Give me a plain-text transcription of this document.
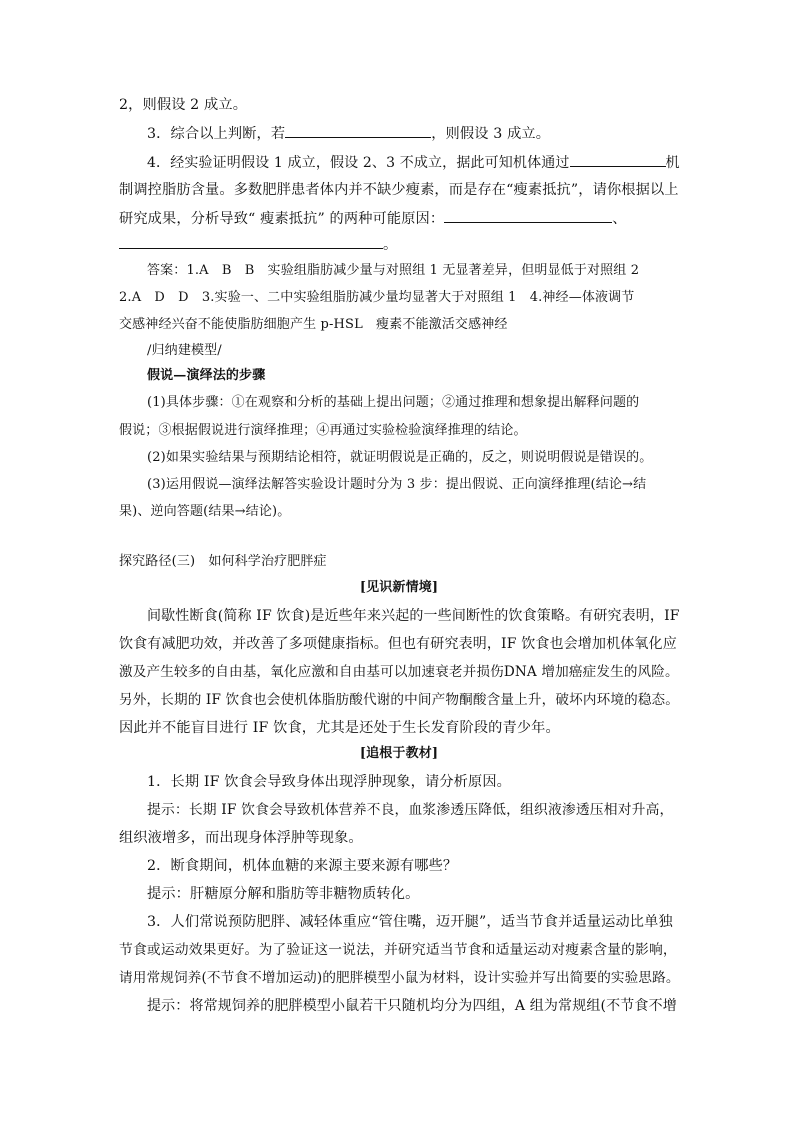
2，则假设 2 成立。
3．综合以上判断，若	，则假设 3 成立。
4．经实验证明假设 1 成立，假设 2、3 不成立，据此可知机体通过	机
制调控脂肪含量。多数肥胖患者体内并不缺少瘦素，而是存在“瘦素抵抗”，请你根据以上
研究成果，分析导致“ 瘦素抵抗” 的两种可能原因：	、
。
答案：1.A　B　B　实验组脂肪减少量与对照组 1 无显著差异，但明显低于对照组 2
2.A　D　D　3.实验一、二中实验组脂肪减少量均显著大于对照组 1　4.神经—体液调节
交感神经兴奋不能使脂肪细胞产生 p-HSL　瘦素不能激活交感神经
/归纳建模型/
假说—演绎法的步骤
(1)具体步骤：①在观察和分析的基础上提出问题；②通过推理和想象提出解释问题的
假说；③根据假说进行演绎推理；④再通过实验检验演绎推理的结论。
(2)如果实验结果与预期结论相符，就证明假说是正确的，反之，则说明假说是错误的。
(3)运用假说—演绎法解答实验设计题时分为 3 步：提出假说、正向演绎推理(结论→结
果)、逆向答题(结果→结论)。
探究路径(三)　如何科学治疗肥胖症
[见识新情境]
间歇性断食(简称 IF 饮食)是近些年来兴起的一些间断性的饮食策略。有研究表明，IF
饮食有减肥功效，并改善了多项健康指标。但也有研究表明，IF 饮食也会增加机体氧化应
激及产生较多的自由基，氧化应激和自由基可以加速衰老并损伤DNA 增加癌症发生的风险。
另外，长期的 IF 饮食也会使机体脂肪酸代谢的中间产物酮酸含量上升，破坏内环境的稳态。
因此并不能盲目进行 IF 饮食，尤其是还处于生长发育阶段的青少年。
[追根于教材]
1．长期 IF 饮食会导致身体出现浮肿现象，请分析原因。
提示：长期 IF 饮食会导致机体营养不良，血浆渗透压降低，组织液渗透压相对升高，
组织液增多，而出现身体浮肿等现象。
2．断食期间，机体血糖的来源主要来源有哪些？
提示：肝糖原分解和脂肪等非糖物质转化。
3．人们常说预防肥胖、减轻体重应“管住嘴，迈开腿”，适当节食并适量运动比单独
节食或运动效果更好。为了验证这一说法，并研究适当节食和适量运动对瘦素含量的影响，
请用常规饲养(不节食不增加运动)的肥胖模型小鼠为材料，设计实验并写出简要的实验思路。
提示：将常规饲养的肥胖模型小鼠若干只随机均分为四组，A 组为常规组(不节食不增
